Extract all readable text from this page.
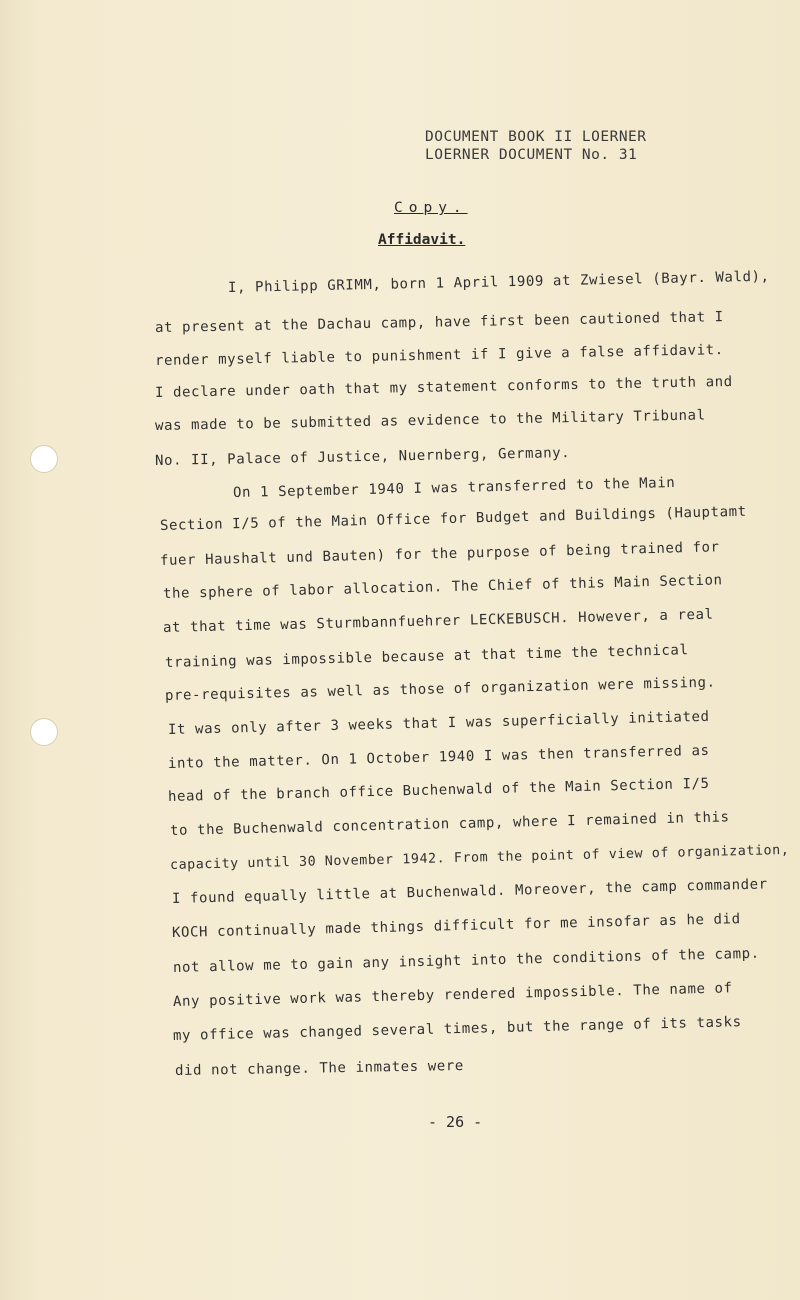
DOCUMENT BOOK II LOERNER
LOERNER DOCUMENT No. 31
Copy.
Affidavit.
I, Philipp GRIMM, born 1 April 1909 at Zwiesel (Bayr. Wald),
at present at the Dachau camp, have first been cautioned that I
render myself liable to punishment if I give a false affidavit.
I declare under oath that my statement conforms to the truth and
was made to be submitted as evidence to the Military Tribunal
No. II, Palace of Justice, Nuernberg, Germany.
On 1 September 1940 I was transferred to the Main
Section I/5 of the Main Office for Budget and Buildings (Hauptamt
fuer Haushalt und Bauten) for the purpose of being trained for
the sphere of labor allocation. The Chief of this Main Section
at that time was Sturmbannfuehrer LECKEBUSCH. However, a real
training was impossible because at that time the technical
pre-requisites as well as those of organization were missing.
It was only after 3 weeks that I was superficially initiated
into the matter. On 1 October 1940 I was then transferred as
head of the branch office Buchenwald of the Main Section I/5
to the Buchenwald concentration camp, where I remained in this
capacity until 30 November 1942. From the point of view of organization,
I found equally little at Buchenwald. Moreover, the camp commander
KOCH continually made things difficult for me insofar as he did
not allow me to gain any insight into the conditions of the camp.
Any positive work was thereby rendered impossible. The name of
my office was changed several times, but the range of its tasks
did not change. The inmates were
- 26 -
